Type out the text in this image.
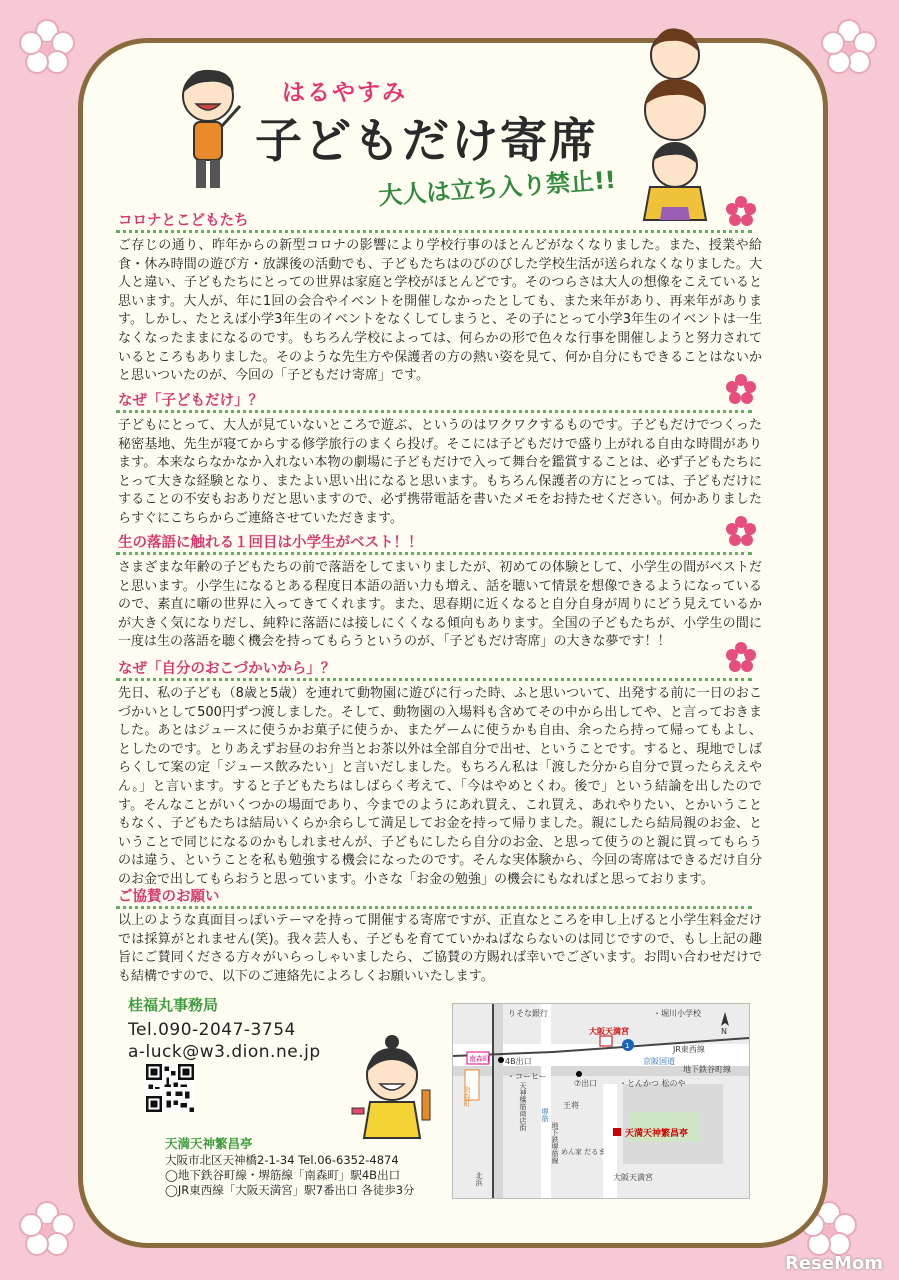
はるやすみ
子どもだけ寄席
大人は立ち入り禁止!!
コロナとこどもたち
ご存じの通り、昨年からの新型コロナの影響により学校行事のほとんどがなくなりました。また、授業や給食・休み時間の遊び方・放課後の活動でも、子どもたちはのびのびした学校生活が送られなくなりました。大人と違い、子どもたちにとっての世界は家庭と学校がほとんどです。そのつらさは大人の想像をこえていると思います。大人が、年に1回の会合やイベントを開催しなかったとしても、また来年があり、再来年があります。しかし、たとえば小学3年生のイベントをなくしてしまうと、その子にとって小学3年生のイベントは一生なくなったままになるのです。もちろん学校によっては、何らかの形で色々な行事を開催しようと努力されているところもありました。そのような先生方や保護者の方の熱い姿を見て、何か自分にもできることはないかと思いついたのが、今回の「子どもだけ寄席」です。
なぜ「子どもだけ」？
子どもにとって、大人が見ていないところで遊ぶ、というのはワクワクするものです。子どもだけでつくった秘密基地、先生が寝てからする修学旅行のまくら投げ。そこには子どもだけで盛り上がれる自由な時間があります。本来ならなかなか入れない本物の劇場に子どもだけで入って舞台を鑑賞することは、必ず子どもたちにとって大きな経験となり、またよい思い出になると思います。もちろん保護者の方にとっては、子どもだけにすることの不安もおありだと思いますので、必ず携帯電話を書いたメモをお持たせください。何かありましたらすぐにこちらからご連絡させていただきます。
生の落語に触れる１回目は小学生がベスト！！
さまざまな年齢の子どもたちの前で落語をしてまいりましたが、初めての体験として、小学生の間がベストだと思います。小学生になるとある程度日本語の語い力も増え、話を聴いて情景を想像できるようになっているので、素直に噺の世界に入ってきてくれます。また、思春期に近くなると自分自身が周りにどう見えているかが大きく気になりだし、純粋に落語には接しにくくなる傾向もあります。全国の子どもたちが、小学生の間に一度は生の落語を聴く機会を持ってもらうというのが、「子どもだけ寄席」の大きな夢です！！
なぜ「自分のおこづかいから」？
先日、私の子ども（8歳と5歳）を連れて動物園に遊びに行った時、ふと思いついて、出発する前に一日のおこづかいとして500円ずつ渡しました。そして、動物園の入場料も含めてその中から出してや、と言っておきました。あとはジュースに使うかお菓子に使うか、またゲームに使うかも自由、余ったら持って帰ってもよし、としたのです。とりあえずお昼のお弁当とお茶以外は全部自分で出せ、ということです。すると、現地でしばらくして案の定「ジュース飲みたい」と言いだしました。もちろん私は「渡した分から自分で買ったらええやん。」と言います。すると子どもたちはしばらく考えて、「今はやめとくわ。後で」という結論を出したのです。そんなことがいくつかの場面であり、今までのようにあれ買え、これ買え、あれやりたい、とかいうこともなく、子どもたちは結局いくらか余らして満足してお金を持って帰りました。親にしたら結局親のお金、ということで同じになるのかもしれませんが、子どもにしたら自分のお金、と思って使うのと親に買ってもらうのは違う、ということを私も勉強する機会になったのです。そんな実体験から、今回の寄席はできるだけ自分のお金で出してもらおうと思っています。小さな「お金の勉強」の機会にもなればと思っております。
ご協賛のお願い
以上のような真面目っぽいテーマを持って開催する寄席ですが、正直なところを申し上げると小学生料金だけでは採算がとれません(笑)。我々芸人も、子どもを育てていかねばならないのは同じですので、もし上記の趣旨にご賛同くださる方々がいらっしゃいましたら、ご協賛の方賜れば幸いでございます。お問い合わせだけでも結構ですので、以下のご連絡先によろしくお願いいたします。
桂福丸事務局
Tel.090-2047-3754
a-luck@w3.dion.ne.jp
天満天神繁昌亭
大阪市北区天神橋2-1-34 Tel.06-6352-4874
◯地下鉄谷町線・堺筋線「南森町」駅4B出口
◯JR東西線「大阪天満宮」駅7番出口 各徒歩3分
りそな銀行	・堀川小学校
大阪天満宮
JR東西線
南森町 4B出口
・コーヒー
京阪国道
地下鉄谷町線
⑦出口	・とんかつ 松のや
南森町
堺筋
地下鉄堺筋線
天神橋筋商店街	王将
めん家 だるま
天満天神繁昌亭
大阪天満宮
北浜
1
N
ReseMom
